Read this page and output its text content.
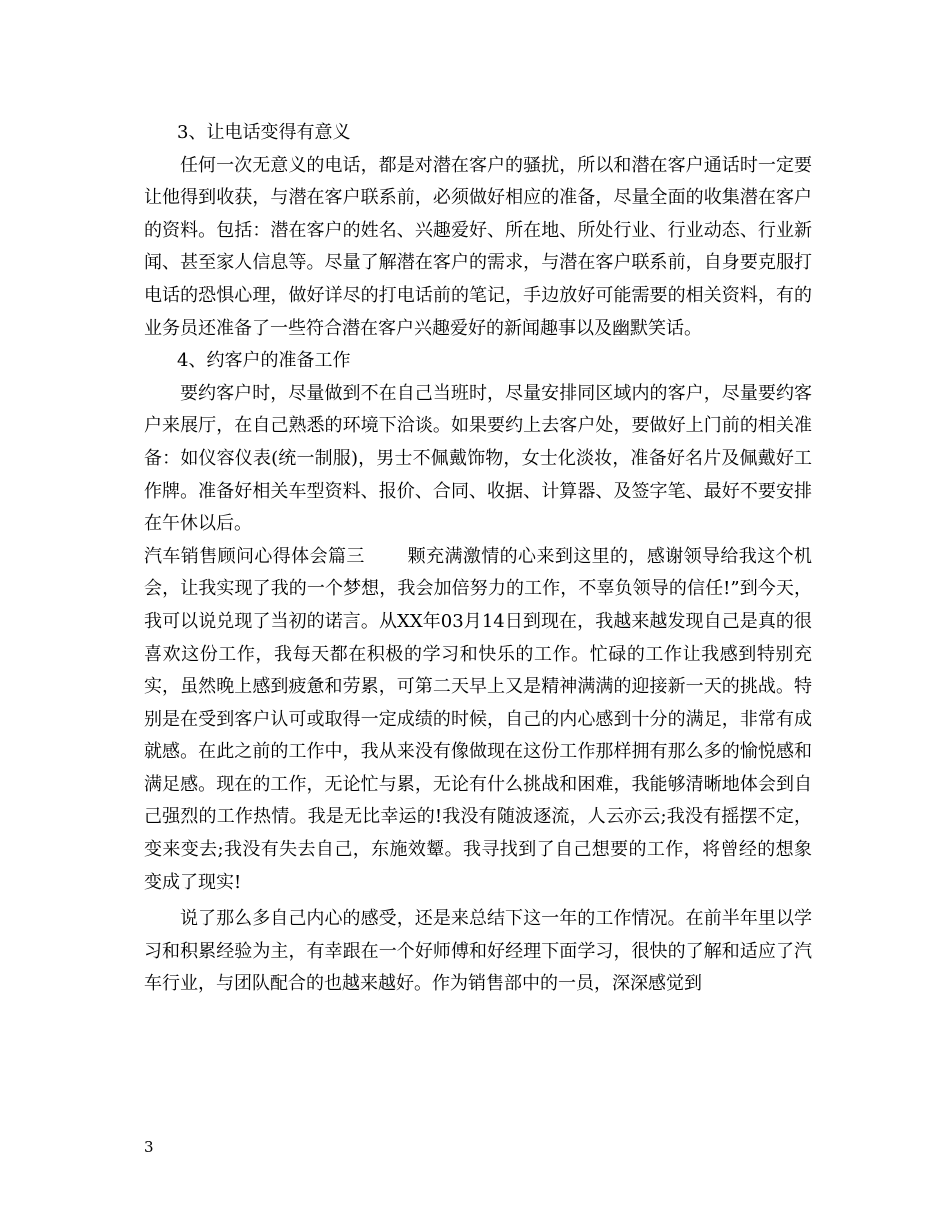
3、让电话变得有意义

任何一次无意义的电话，都是对潜在客户的骚扰，所以和潜在客户通话时一定要让他得到收获，与潜在客户联系前，必须做好相应的准备，尽量全面的收集潜在客户的资料。包括：潜在客户的姓名、兴趣爱好、所在地、所处行业、行业动态、行业新闻、甚至家人信息等。尽量了解潜在客户的需求，与潜在客户联系前，自身要克服打电话的恐惧心理，做好详尽的打电话前的笔记，手边放好可能需要的相关资料，有的业务员还准备了一些符合潜在客户兴趣爱好的新闻趣事以及幽默笑话。

4、约客户的准备工作

要约客户时，尽量做到不在自己当班时，尽量安排同区域内的客户，尽量要约客户来展厅，在自己熟悉的环境下洽谈。如果要约上去客户处，要做好上门前的相关准备：如仪容仪表(统一制服)，男士不佩戴饰物，女士化淡妆，准备好名片及佩戴好工作牌。准备好相关车型资料、报价、合同、收据、计算器、及签字笔、最好不要安排在午休以后。

汽车销售顾问心得体会篇三　　 颗充满激情的心来到这里的，感谢领导给我这个机会，让我实现了我的一个梦想，我会加倍努力的工作，不辜负领导的信任!”到今天，我可以说兑现了当初的诺言。从XX年03月14日到现在，我越来越发现自己是真的很喜欢这份工作，我每天都在积极的学习和快乐的工作。忙碌的工作让我感到特别充实，虽然晚上感到疲惫和劳累，可第二天早上又是精神满满的迎接新一天的挑战。特别是在受到客户认可或取得一定成绩的时候，自己的内心感到十分的满足，非常有成就感。在此之前的工作中，我从来没有像做现在这份工作那样拥有那么多的愉悦感和满足感。现在的工作，无论忙与累，无论有什么挑战和困难，我能够清晰地体会到自己强烈的工作热情。我是无比幸运的!我没有随波逐流，人云亦云;我没有摇摆不定，变来变去;我没有失去自己，东施效颦。我寻找到了自己想要的工作，将曾经的想象变成了现实!

说了那么多自己内心的感受，还是来总结下这一年的工作情况。在前半年里以学习和积累经验为主，有幸跟在一个好师傅和好经理下面学习，很快的了解和适应了汽车行业，与团队配合的也越来越好。作为销售部中的一员，深深感觉到

3
